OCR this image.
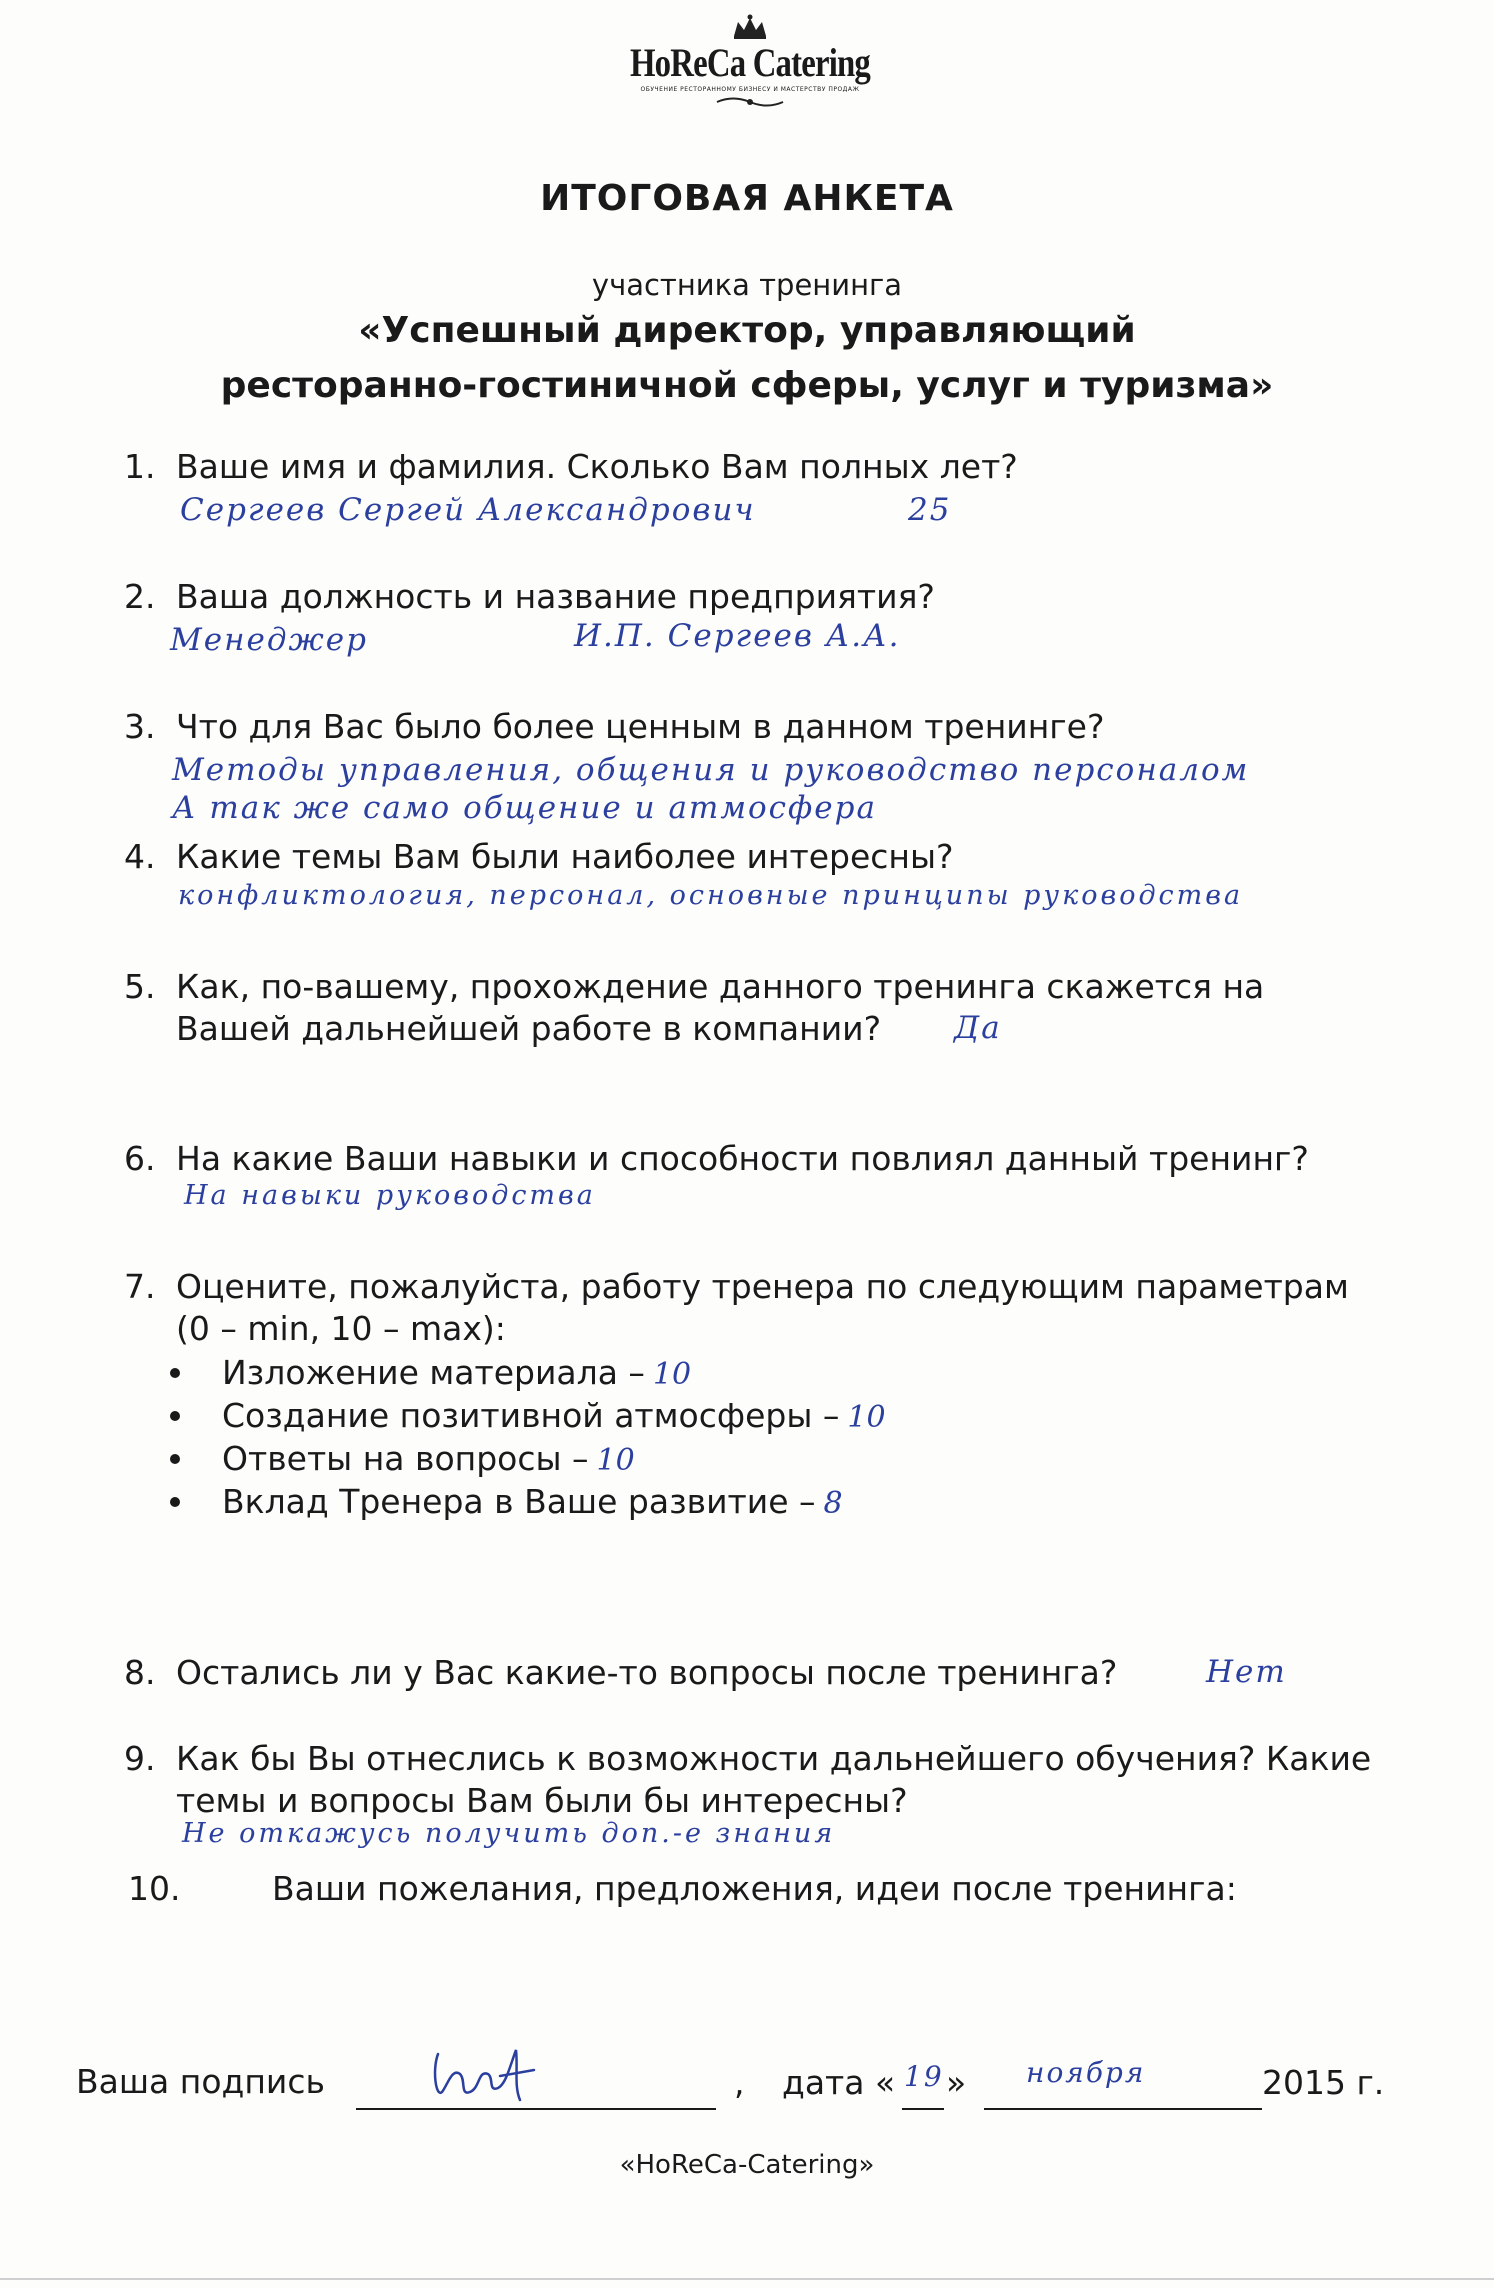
HoReCa Catering
ОБУЧЕНИЕ РЕСТОРАННОМУ БИЗНЕСУ И МАСТЕРСТВУ ПРОДАЖ
ИТОГОВАЯ АНКЕТА
участника тренинга
«Успешный директор, управляющий
ресторанно-гостиничной сферы, услуг и туризма»
1. Ваше имя и фамилия. Сколько Вам полных лет?
Сергеев Сергей Александрович	25
2. Ваша должность и название предприятия?
Менеджер	И.П. Сергеев А.А.
3. Что для Вас было более ценным в данном тренинге?
Методы управления, общения и руководство персоналом
А так же само общение и атмосфера
4. Какие темы Вам были наиболее интересны?
конфликтология, персонал, основные принципы руководства
5. Как, по-вашему, прохождение данного тренинга скажется на
Вашей дальнейшей работе в компании? Да
6. На какие Ваши навыки и способности повлиял данный тренинг?
На навыки руководства
7. Оцените, пожалуйста, работу тренера по следующим параметрам
(0 – min, 10 – max):
Изложение материала – 10
Создание позитивной атмосферы – 10
Ответы на вопросы – 10
Вклад Тренера в Ваше развитие – 8
8. Остались ли у Вас какие-то вопросы после тренинга?	Нет
9. Как бы Вы отнеслись к возможности дальнейшего обучения? Какие
темы и вопросы Вам были бы интересны?
Не откажусь получить доп.-е знания
10.	Ваши пожелания, предложения, идеи после тренинга:
Ваша подпись	, дата « 19 » ноября	2015 г.
«HoReCa-Catering»
